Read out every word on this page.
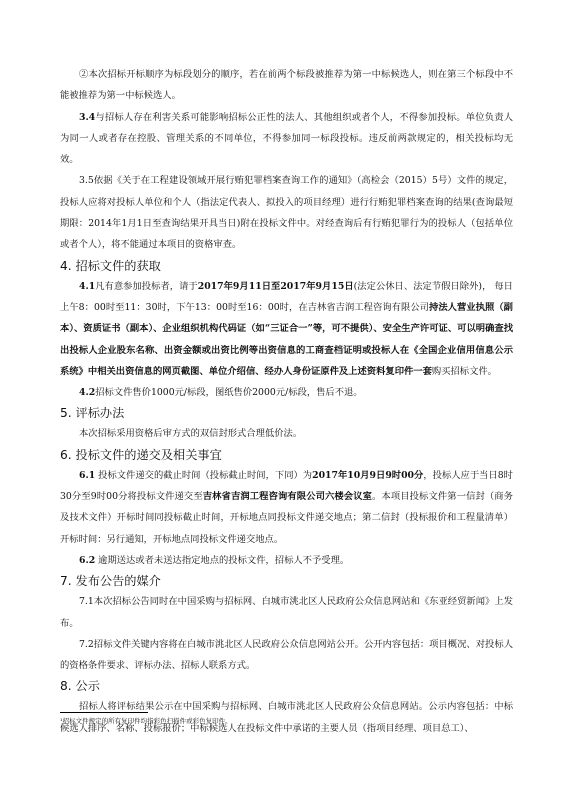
②本次招标开标顺序为标段划分的顺序，若在前两个标段被推荐为第一中标候选人，则在第三个标段中不能被推荐为第一中标候选人。

3.4与招标人存在利害关系可能影响招标公正性的法人、其他组织或者个人，不得参加投标。单位负责人为同一人或者存在控股、管理关系的不同单位，不得参加同一标段投标。违反前两款规定的，相关投标均无效。

3.5依据《关于在工程建设领域开展行贿犯罪档案查询工作的通知》（高检会（2015）5号）文件的规定，投标人应将对投标人单位和个人（指法定代表人、拟投入的项目经理）进行行贿犯罪档案查询的结果(查询最短期限：2014年1月1日至查询结果开具当日)附在投标文件中。对经查询后有行贿犯罪行为的投标人（包括单位或者个人），将不能通过本项目的资格审查。

4. 招标文件的获取

4.1凡有意参加投标者，请于2017年9月11日至2017年9月15日(法定公休日、法定节假日除外)， 每日上午8：00时至11：30时，下午13：00时至16：00时，在吉林省吉润工程咨询有限公司持法人营业执照（副本）、资质证书（副本）、企业组织机构代码证（如“三证合一”等，可不提供）、安全生产许可证、可以明确查找出投标人企业股东名称、出资金额或出资比例等出资信息的工商查档证明或投标人在《全国企业信用信息公示系统》中相关出资信息的网页截图、单位介绍信、经办人身份证原件及上述资料复印件一套购买招标文件。

4.2招标文件售价1000元/标段，图纸售价2000元/标段，售后不退。

5. 评标办法

本次招标采用资格后审方式的双信封形式合理低价法。

6. 投标文件的递交及相关事宜

6.1 投标文件递交的截止时间（投标截止时间，下同）为2017年10月9日9时00分，投标人应于当日8时30分至9时00分将投标文件递交至吉林省吉润工程咨询有限公司六楼会议室。本项目投标文件第一信封（商务及技术文件）开标时间同投标截止时间，开标地点同投标文件递交地点；第二信封（投标报价和工程量清单）开标时间：另行通知，开标地点同投标文件递交地点。

6.2 逾期送达或者未送达指定地点的投标文件，招标人不予受理。

7. 发布公告的媒介

7.1本次招标公告同时在中国采购与招标网、白城市洮北区人民政府公众信息网站和《东亚经贸新闻》上发布。

7.2招标文件关键内容将在白城市洮北区人民政府公众信息网站公开。公开内容包括：项目概况、对投标人的资格条件要求、评标办法、招标人联系方式。

8. 公示

招标人将评标结果公示在中国采购与招标网、白城市洮北区人民政府公众信息网站。公示内容包括：中标候选人排序、名称、投标报价；中标候选人在投标文件中承诺的主要人员（指项目经理、项目总工）、

¹招标文件规定的所有复印件均指彩色扫描件或彩色复印件。
